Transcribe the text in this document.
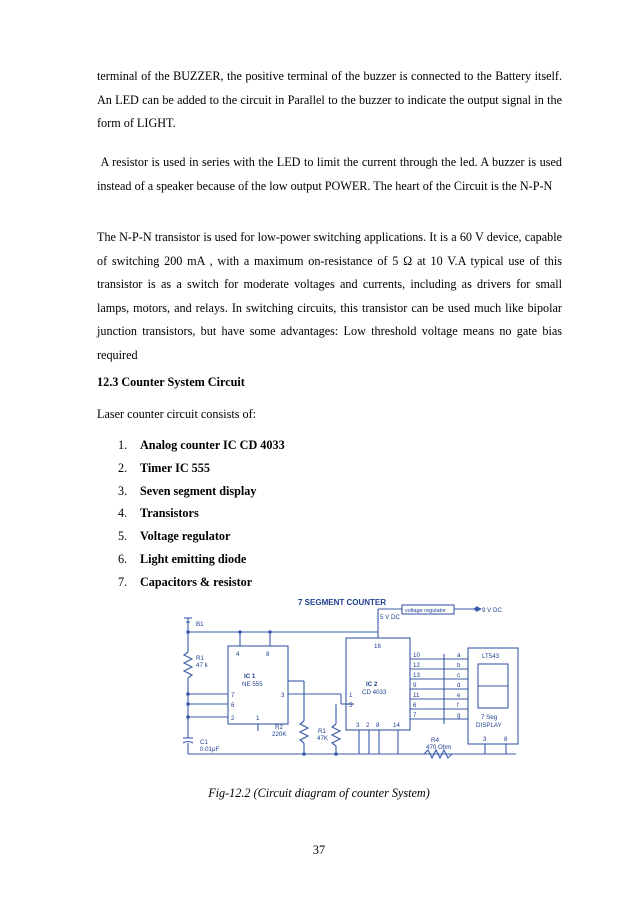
terminal of the BUZZER, the positive terminal of the buzzer is connected to the Battery itself. An LED can be added to the circuit in Parallel to the buzzer to indicate the output signal in the form of LIGHT.

A resistor is used in series with the LED to limit the current through the led. A buzzer is used instead of a speaker because of the low output POWER. The heart of the Circuit is the N-P-N

The N-P-N transistor is used for low-power switching applications. It is a 60 V device, capable of switching 200 mA , with a maximum on-resistance of 5 Ω at 10 V.A typical use of this transistor is as a switch for moderate voltages and currents, including as drivers for small lamps, motors, and relays. In switching circuits, this transistor can be used much like bipolar junction transistors, but have some advantages: Low threshold voltage means no gate bias required

12.3 Counter System Circuit

Laser counter circuit consists of:

1. Analog counter IC CD 4033
2. Timer IC 555
3. Seven segment display
4. Transistors
5. Voltage regulator
6. Light emitting diode
7. Capacitors & resistor
7 SEGMENT COUNTER
voltage regulator	9 V DC
5 V DC
B1
R1
47 k
C1
0.01μF
4	8
IC 1
NE 555
7
6
2	1
3
R2
220K	R1
47K
16
IC 2
CD 4033
1
5
3 2 8 14
10
12
13
9
11
6
7
a
b
c
d
e
f
g
LT543
7 Seg
DISPLAY
3	8
R4
470 Ohm

Fig-12.2 (Circuit diagram of counter System)

37
